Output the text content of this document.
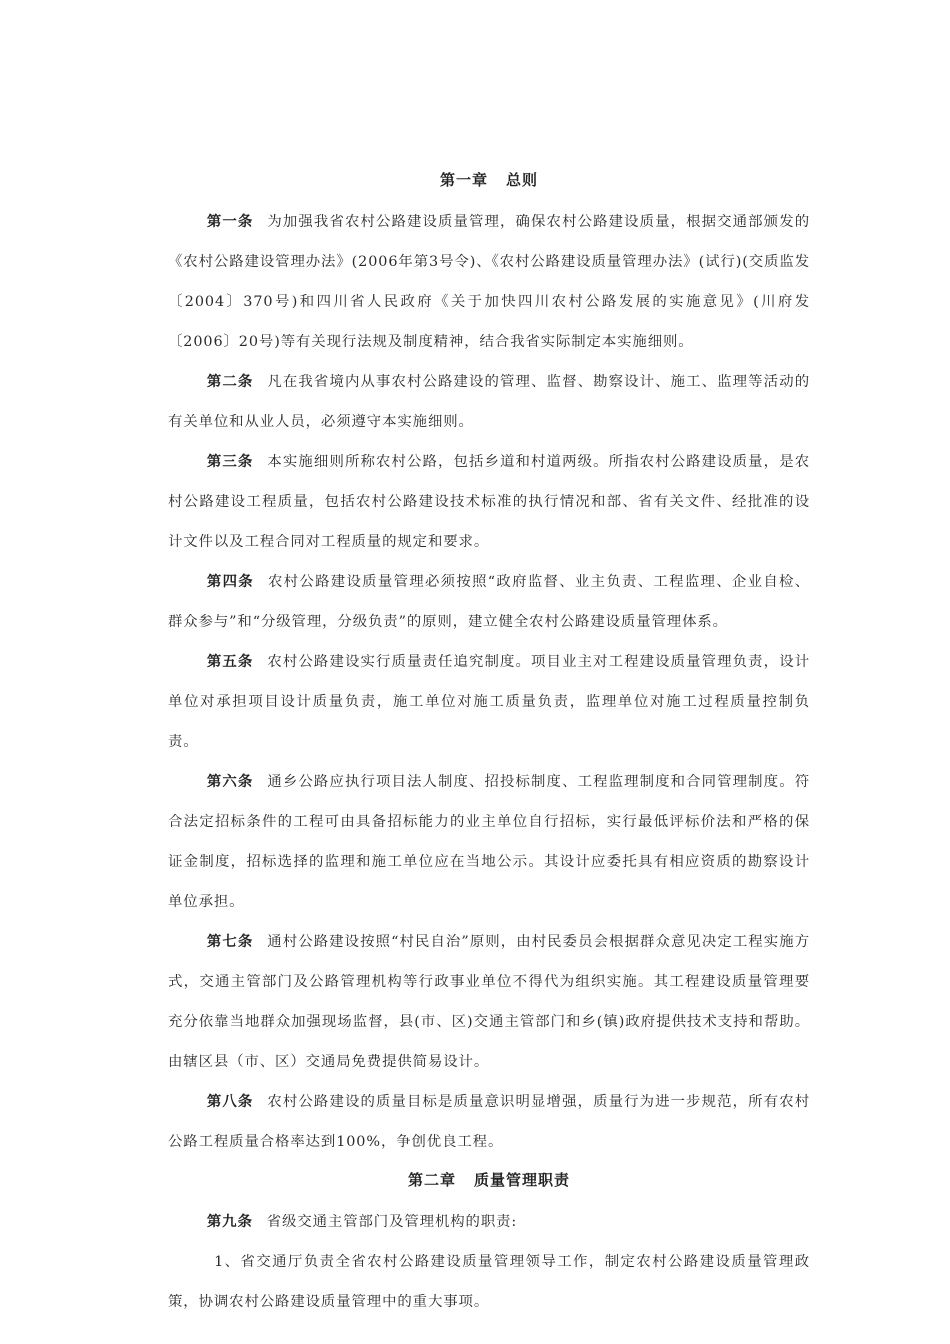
第一章 总则

第一条 为加强我省农村公路建设质量管理，确保农村公路建设质量，根据交通部颁发的《农村公路建设管理办法》(2006年第3号令)、《农村公路建设质量管理办法》(试行)(交质监发〔2004〕370号)和四川省人民政府《关于加快四川农村公路发展的实施意见》(川府发〔2006〕20号)等有关现行法规及制度精神，结合我省实际制定本实施细则。

第二条 凡在我省境内从事农村公路建设的管理、监督、勘察设计、施工、监理等活动的有关单位和从业人员，必须遵守本实施细则。

第三条 本实施细则所称农村公路，包括乡道和村道两级。所指农村公路建设质量，是农村公路建设工程质量，包括农村公路建设技术标准的执行情况和部、省有关文件、经批准的设计文件以及工程合同对工程质量的规定和要求。

第四条 农村公路建设质量管理必须按照“政府监督、业主负责、工程监理、企业自检、群众参与”和“分级管理，分级负责”的原则，建立健全农村公路建设质量管理体系。

第五条 农村公路建设实行质量责任追究制度。项目业主对工程建设质量管理负责，设计单位对承担项目设计质量负责，施工单位对施工质量负责，监理单位对施工过程质量控制负责。

第六条 通乡公路应执行项目法人制度、招投标制度、工程监理制度和合同管理制度。符合法定招标条件的工程可由具备招标能力的业主单位自行招标，实行最低评标价法和严格的保证金制度，招标选择的监理和施工单位应在当地公示。其设计应委托具有相应资质的勘察设计单位承担。

第七条 通村公路建设按照“村民自治”原则，由村民委员会根据群众意见决定工程实施方式，交通主管部门及公路管理机构等行政事业单位不得代为组织实施。其工程建设质量管理要充分依靠当地群众加强现场监督，县(市、区)交通主管部门和乡(镇)政府提供技术支持和帮助。由辖区县（市、区）交通局免费提供简易设计。

第八条 农村公路建设的质量目标是质量意识明显增强，质量行为进一步规范，所有农村公路工程质量合格率达到100%，争创优良工程。

第二章 质量管理职责

第九条 省级交通主管部门及管理机构的职责:

1、省交通厅负责全省农村公路建设质量管理领导工作，制定农村公路建设质量管理政策，协调农村公路建设质量管理中的重大事项。
